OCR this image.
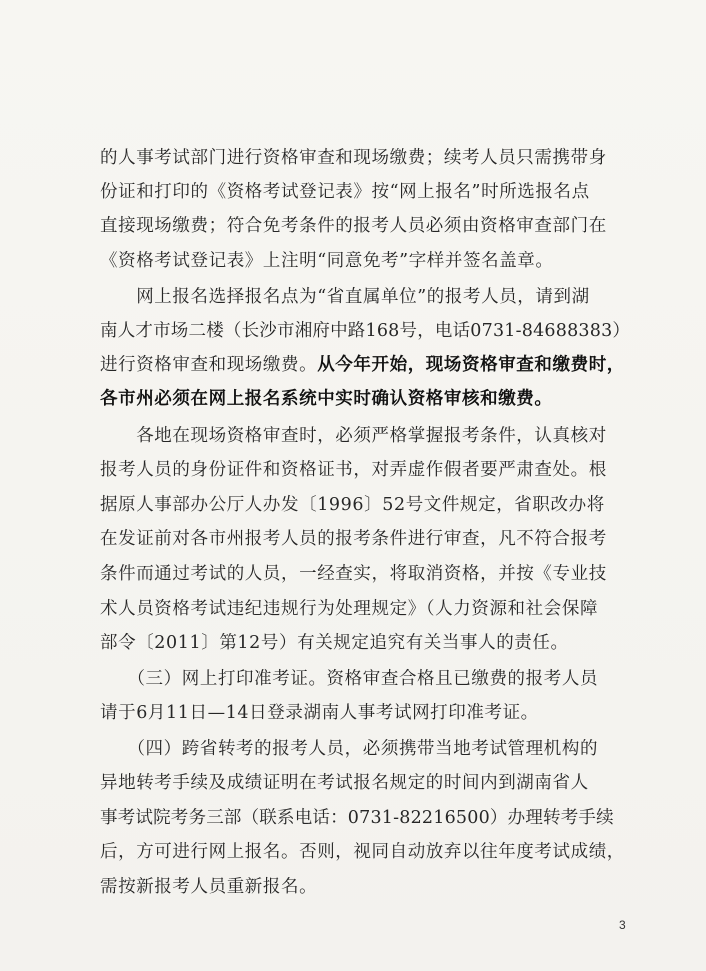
的人事考试部门进行资格审查和现场缴费；续考人员只需携带身
份证和打印的《资格考试登记表》按“网上报名”时所选报名点
直接现场缴费；符合免考条件的报考人员必须由资格审查部门在
《资格考试登记表》上注明“同意免考”字样并签名盖章。
　　网上报名选择报名点为“省直属单位”的报考人员，请到湖
南人才市场二楼（长沙市湘府中路168号，电话0731-84688383）
进行资格审查和现场缴费。从今年开始，现场资格审查和缴费时，
各市州必须在网上报名系统中实时确认资格审核和缴费。
　　各地在现场资格审查时，必须严格掌握报考条件，认真核对
报考人员的身份证件和资格证书，对弄虚作假者要严肃查处。根
据原人事部办公厅人办发〔1996〕52号文件规定，省职改办将
在发证前对各市州报考人员的报考条件进行审查，凡不符合报考
条件而通过考试的人员，一经查实，将取消资格，并按《专业技
术人员资格考试违纪违规行为处理规定》（人力资源和社会保障
部令〔2011〕第12号）有关规定追究有关当事人的责任。
　　（三）网上打印准考证。资格审查合格且已缴费的报考人员
请于6月11日—14日登录湖南人事考试网打印准考证。
　　（四）跨省转考的报考人员，必须携带当地考试管理机构的
异地转考手续及成绩证明在考试报名规定的时间内到湖南省人
事考试院考务三部（联系电话：0731-82216500）办理转考手续
后，方可进行网上报名。否则，视同自动放弃以往年度考试成绩，
需按新报考人员重新报名。
3
